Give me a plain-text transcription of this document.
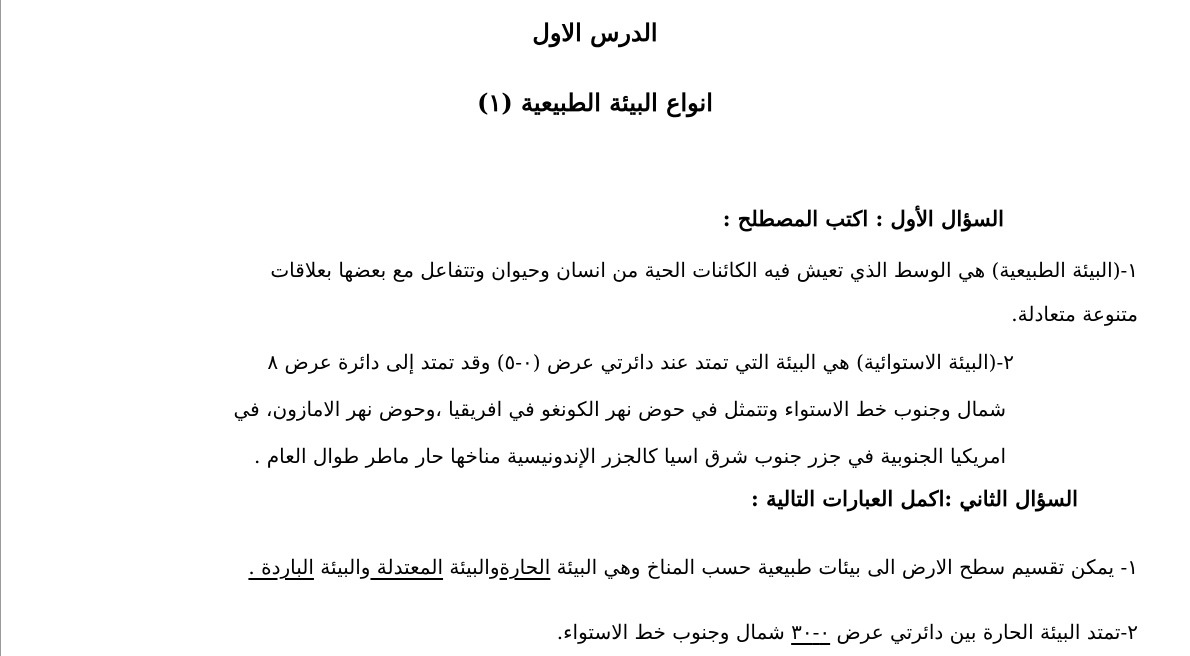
الدرس الاول
انواع البيئة الطبيعية (١)
السؤال الأول : اكتب المصطلح :
١-(البيئة الطبيعية) هي الوسط الذي تعيش فيه الكائنات الحية من انسان وحيوان وتتفاعل مع بعضها بعلاقات
متنوعة متعادلة.
٢-(البيئة الاستوائية) هي البيئة التي تمتد عند دائرتي عرض (٠-٥) وقد تمتد إلى دائرة عرض ٨
شمال وجنوب خط الاستواء وتتمثل في حوض نهر الكونغو في افريقيا ،وحوض نهر الامازون، في
امريكيا الجنوبية في جزر جنوب شرق اسيا كالجزر الإندونيسية مناخها حار ماطر طوال العام .
السؤال الثاني :اكمل العبارات التالية :
١- يمكن تقسيم سطح الارض الى بيئات طبيعية حسب المناخ وهي البيئة الحارةوالبيئة المعتدلة والبيئة الباردة .
٢-تمتد البيئة الحارة بين دائرتي عرض ٠-٣٠ شمال وجنوب خط الاستواء.
